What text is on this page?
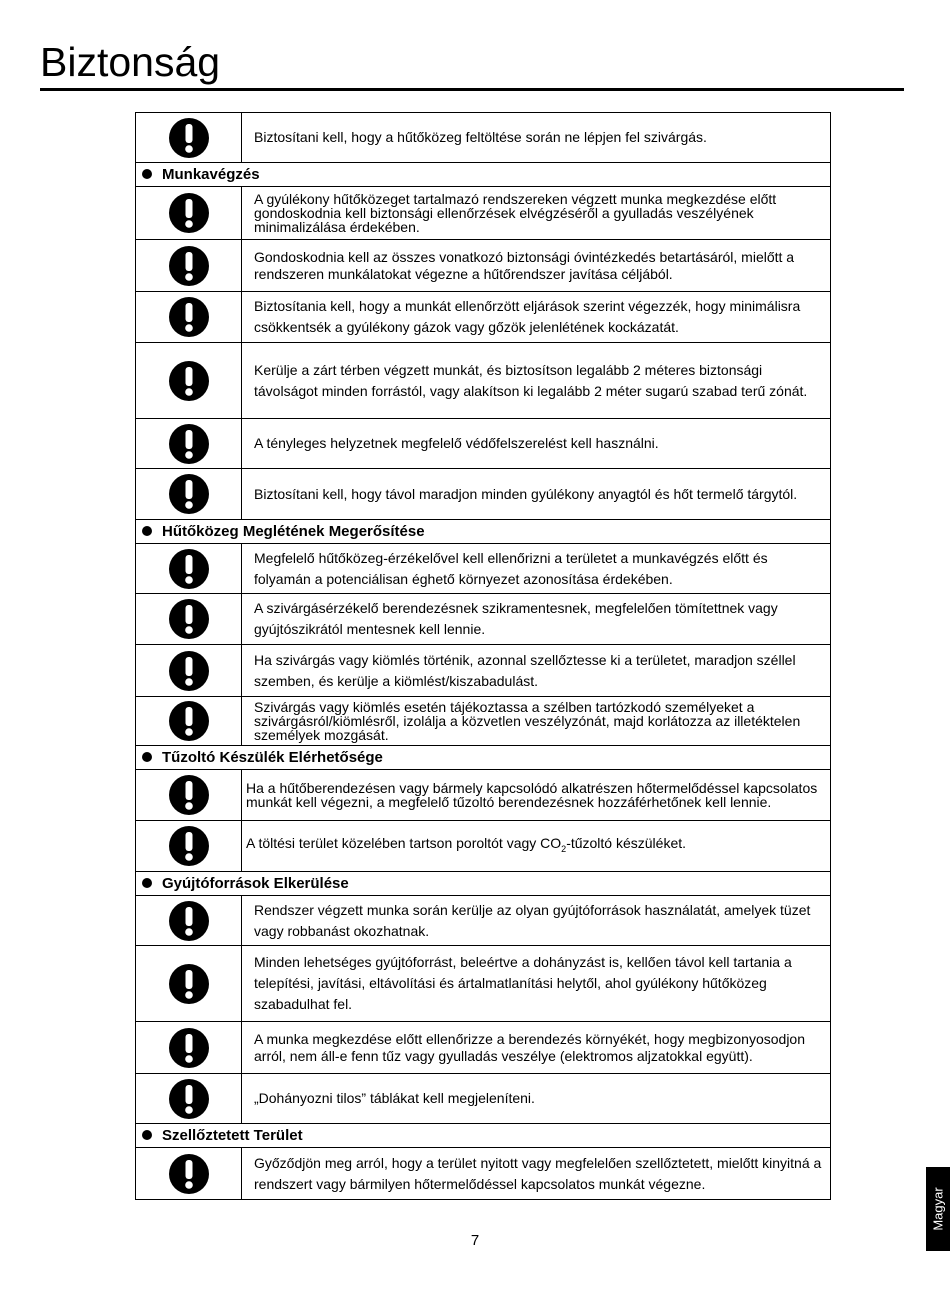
Biztonság
	Biztosítani kell, hogy a hűtőközeg feltöltése során ne lépjen fel szivárgás.
Munkavégzés	

	A gyúlékony hűtőközeget tartalmazó rendszereken végzett munka megkezdése előtt gondoskodnia kell biztonsági ellenőrzések elvégzéséről a gyulladás veszélyének minimalizálása érdekében.

	Gondoskodnia kell az összes vonatkozó biztonsági óvintézkedés betartásáról, mielőtt a rendszeren munkálatokat végezne a hűtőrendszer javítása céljából.

	Biztosítania kell, hogy a munkát ellenőrzött eljárások szerint végezzék, hogy minimálisra csökkentsék a gyúlékony gázok vagy gőzök jelenlétének kockázatát.

	Kerülje a zárt térben végzett munkát, és biztosítson legalább 2 méteres biztonsági távolságot minden forrástól, vagy alakítson ki legalább 2 méter sugarú szabad terű zónát.

	A tényleges helyzetnek megfelelő védőfelszerelést kell használni.

	Biztosítani kell, hogy távol maradjon minden gyúlékony anyagtól és hőt termelő tárgytól.
Hűtőközeg Meglétének Megerősítése	

	Megfelelő hűtőközeg-érzékelővel kell ellenőrizni a területet a munkavégzés előtt és folyamán a potenciálisan éghető környezet azonosítása érdekében.

	A szivárgásérzékelő berendezésnek szikramentesnek, megfelelően tömítettnek vagy gyújtószikrától mentesnek kell lennie.

	Ha szivárgás vagy kiömlés történik, azonnal szellőztesse ki a területet, maradjon széllel szemben, és kerülje a kiömlést/kiszabadulást.

	Szivárgás vagy kiömlés esetén tájékoztassa a szélben tartózkodó személyeket a szivárgásról/kiömlésről, izolálja a közvetlen veszélyzónát, majd korlátozza az illetéktelen személyek mozgását.
Tűzoltó Készülék Elérhetősége	

	Ha a hűtőberendezésen vagy bármely kapcsolódó alkatrészen hőtermelődéssel kapcsolatos munkát kell végezni, a megfelelő tűzoltó berendezésnek hozzáférhetőnek kell lennie.

	A töltési terület közelében tartson poroltót vagy $CO_2$-tűzoltó készüléket.
Gyújtóforrások Elkerülése	

	Rendszer végzett munka során kerülje az olyan gyújtóforrások használatát, amelyek tüzet vagy robbanást okozhatnak.

	Minden lehetséges gyújtóforrást, beleértve a dohányzást is, kellően távol kell tartania a telepítési, javítási, eltávolítási és ártalmatlanítási helytől, ahol gyúlékony hűtőközeg szabadulhat fel.

	A munka megkezdése előtt ellenőrizze a berendezés környékét, hogy megbizonyosodjon arról, nem áll-e fenn tűz vagy gyulladás veszélye (elektromos aljzatokkal együtt).

	„Dohányozni tilos” táblákat kell megjeleníteni.
Szellőztetett Terület	

	Győződjön meg arról, hogy a terület nyitott vagy megfelelően szellőztetett, mielőtt kinyitná a rendszert vagy bármilyen hőtermelődéssel kapcsolatos munkát végezne.
7
Magyar
